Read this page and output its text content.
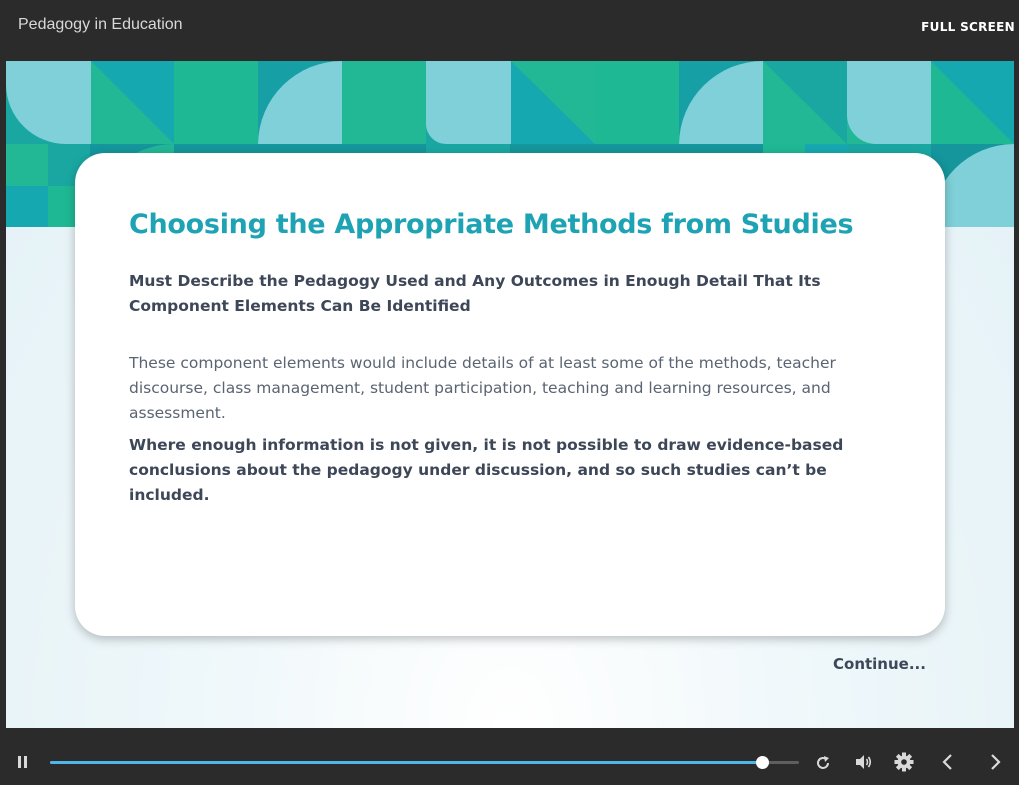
Pedagogy in Education	FULL SCREEN
Choosing the Appropriate Methods from Studies
Must Describe the Pedagogy Used and Any Outcomes in Enough Detail That Its Component Elements Can Be Identified
These component elements would include details of at least some of the methods, teacher discourse, class management, student participation, teaching and learning resources, and assessment.
Where enough information is not given, it is not possible to draw evidence-based conclusions about the pedagogy under discussion, and so such studies can’t be included.
Continue...
